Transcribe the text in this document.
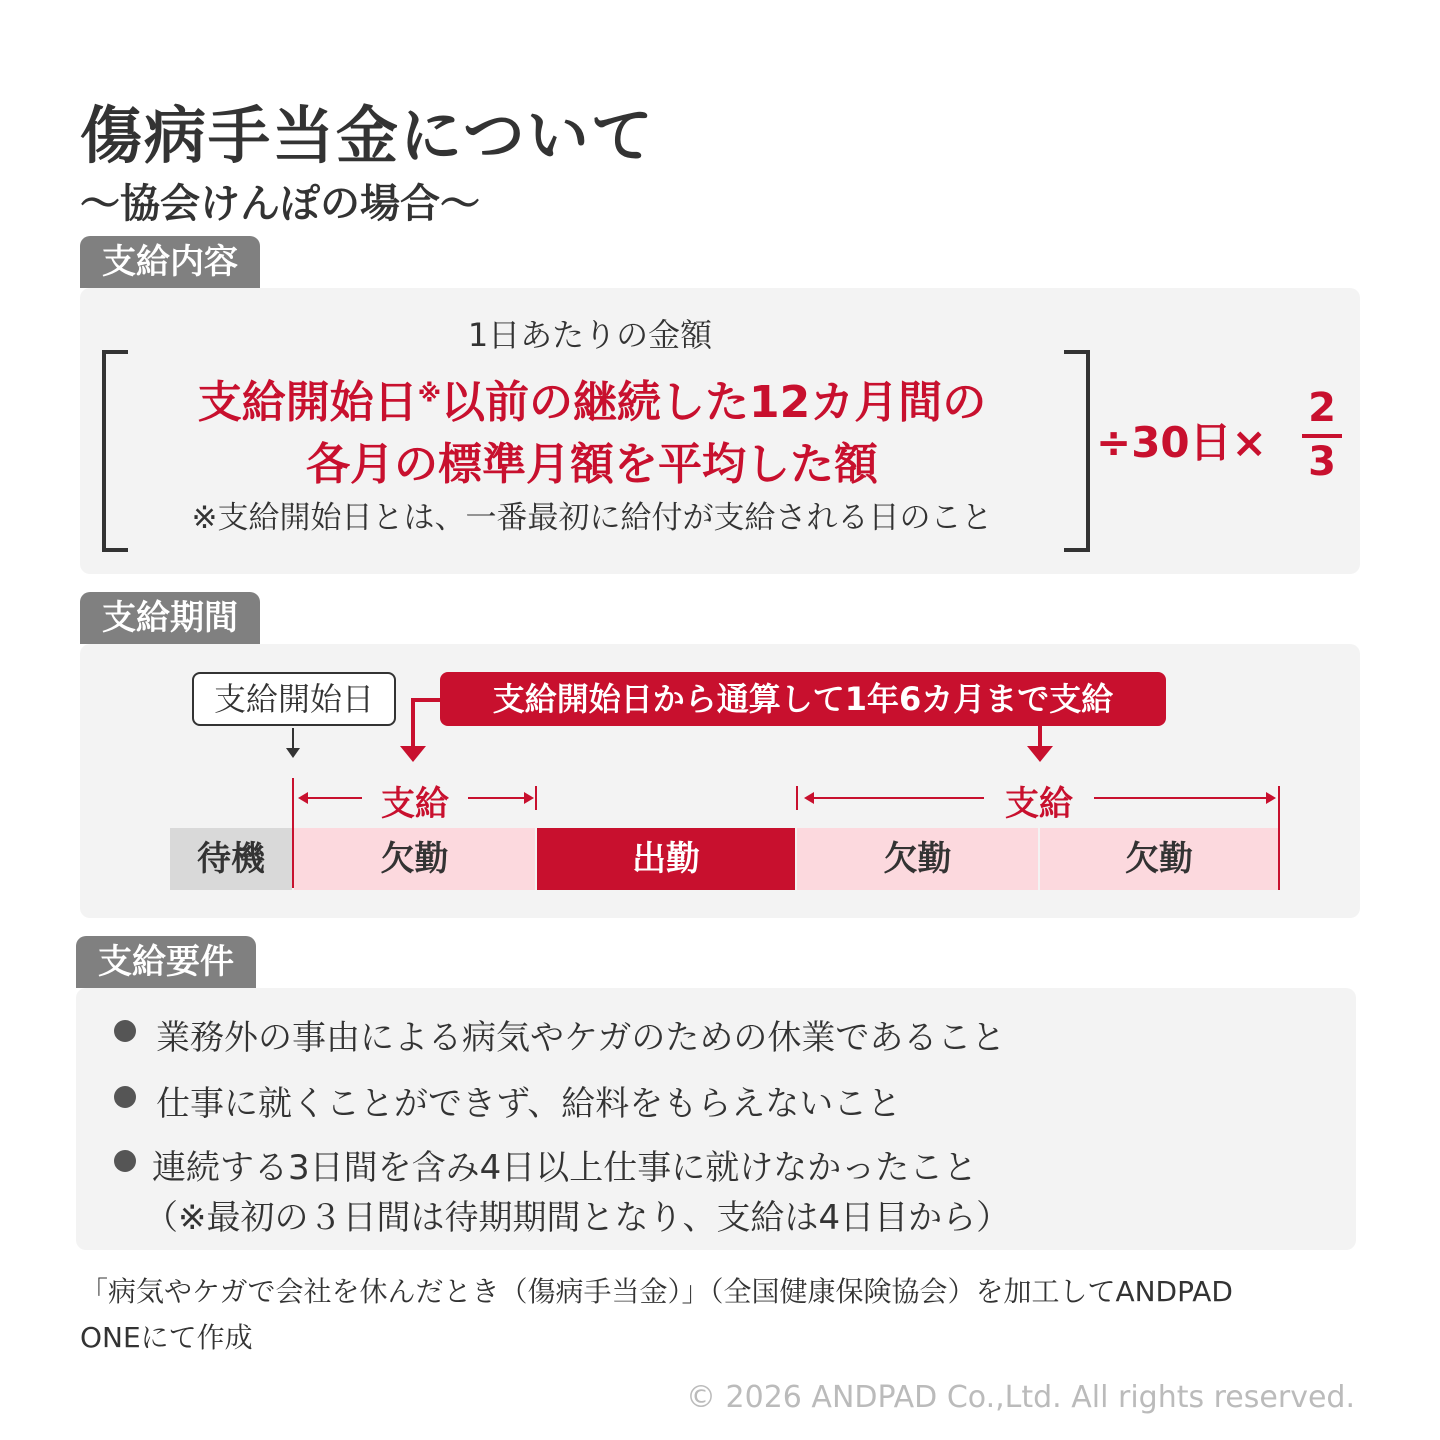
傷病手当金について
〜協会けんぽの場合〜
支給内容
1日あたりの金額
支給開始日※以前の継続した12カ月間の
各月の標準月額を平均した額
※支給開始日とは、一番最初に給付が支給される日のこと
÷30日×
2
3
支給期間
支給開始日	支給開始日から通算して1年6カ月まで支給
支給	支給
待機	欠勤	出勤	欠勤	欠勤
支給要件
業務外の事由による病気やケガのための休業であること
仕事に就くことができず、給料をもらえないこと
連続する3日間を含み4日以上仕事に就けなかったこと
（※最初の３日間は待期期間となり、支給は4日目から）
「病気やケガで会社を休んだとき（傷病手当金）」（全国健康保険協会）を加工してANDPAD
ONEにて作成
© 2026 ANDPAD Co.,Ltd. All rights reserved.
